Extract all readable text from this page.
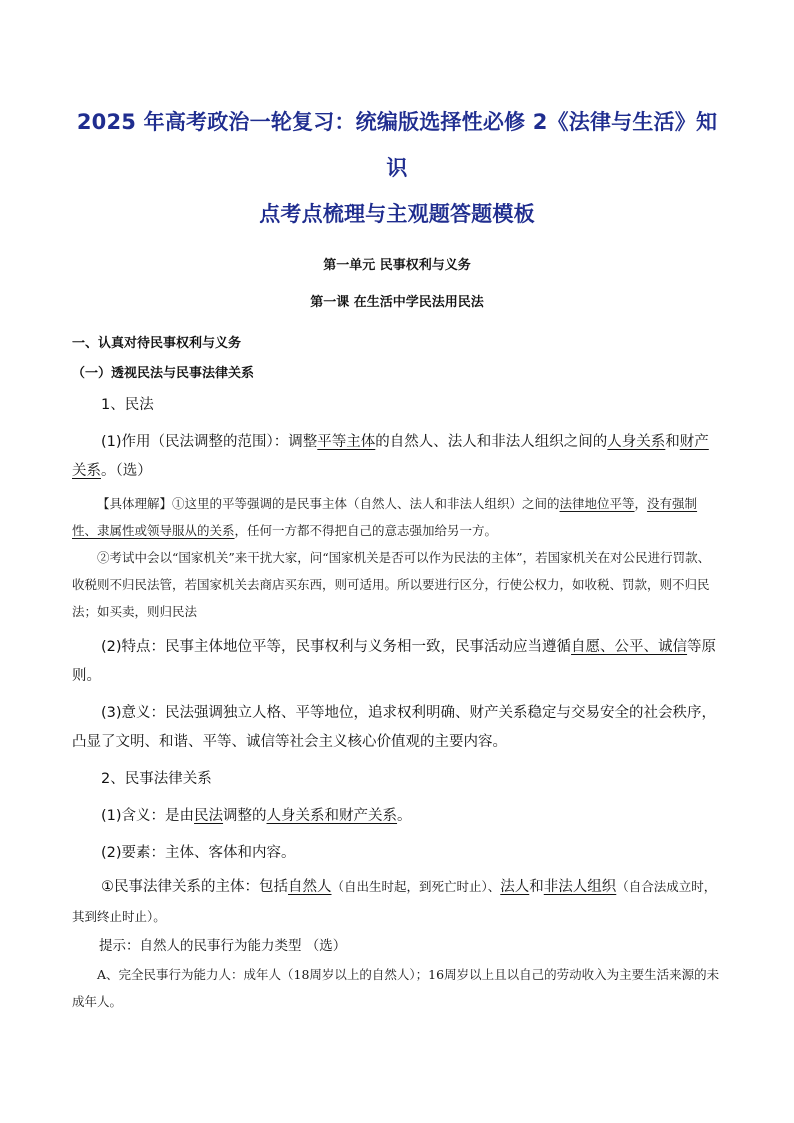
2025 年高考政治一轮复习：统编版选择性必修 2《法律与生活》知识
点考点梳理与主观题答题模板
第一单元 民事权利与义务
第一课 在生活中学民法用民法
一、认真对待民事权利与义务
（一）透视民法与民事法律关系

1、民法

(1)作用（民法调整的范围）：调整平等主体的自然人、法人和非法人组织之间的人身关系和财产关系。（选）

【具体理解】①这里的平等强调的是民事主体（自然人、法人和非法人组织）之间的法律地位平等，没有强制性、隶属性或领导服从的关系，任何一方都不得把自己的意志强加给另一方。

②考试中会以“国家机关”来干扰大家，问“国家机关是否可以作为民法的主体”，若国家机关在对公民进行罚款、收税则不归民法管，若国家机关去商店买东西，则可适用。所以要进行区分，行使公权力，如收税、罚款，则不归民法；如买卖，则归民法

(2)特点：民事主体地位平等，民事权利与义务相一致，民事活动应当遵循自愿、公平、诚信等原则。

(3)意义：民法强调独立人格、平等地位，追求权利明确、财产关系稳定与交易安全的社会秩序，凸显了文明、和谐、平等、诚信等社会主义核心价值观的主要内容。

2、民事法律关系

(1)含义：是由民法调整的人身关系和财产关系。

(2)要素：主体、客体和内容。

①民事法律关系的主体：包括自然人（自出生时起，到死亡时止）、法人和非法人组织（自合法成立时，其到终止时止）。

提示：自然人的民事行为能力类型 （选）

A、完全民事行为能力人：成年人（18周岁以上的自然人）；16周岁以上且以自己的劳动收入为主要生活来源的未成年人。
